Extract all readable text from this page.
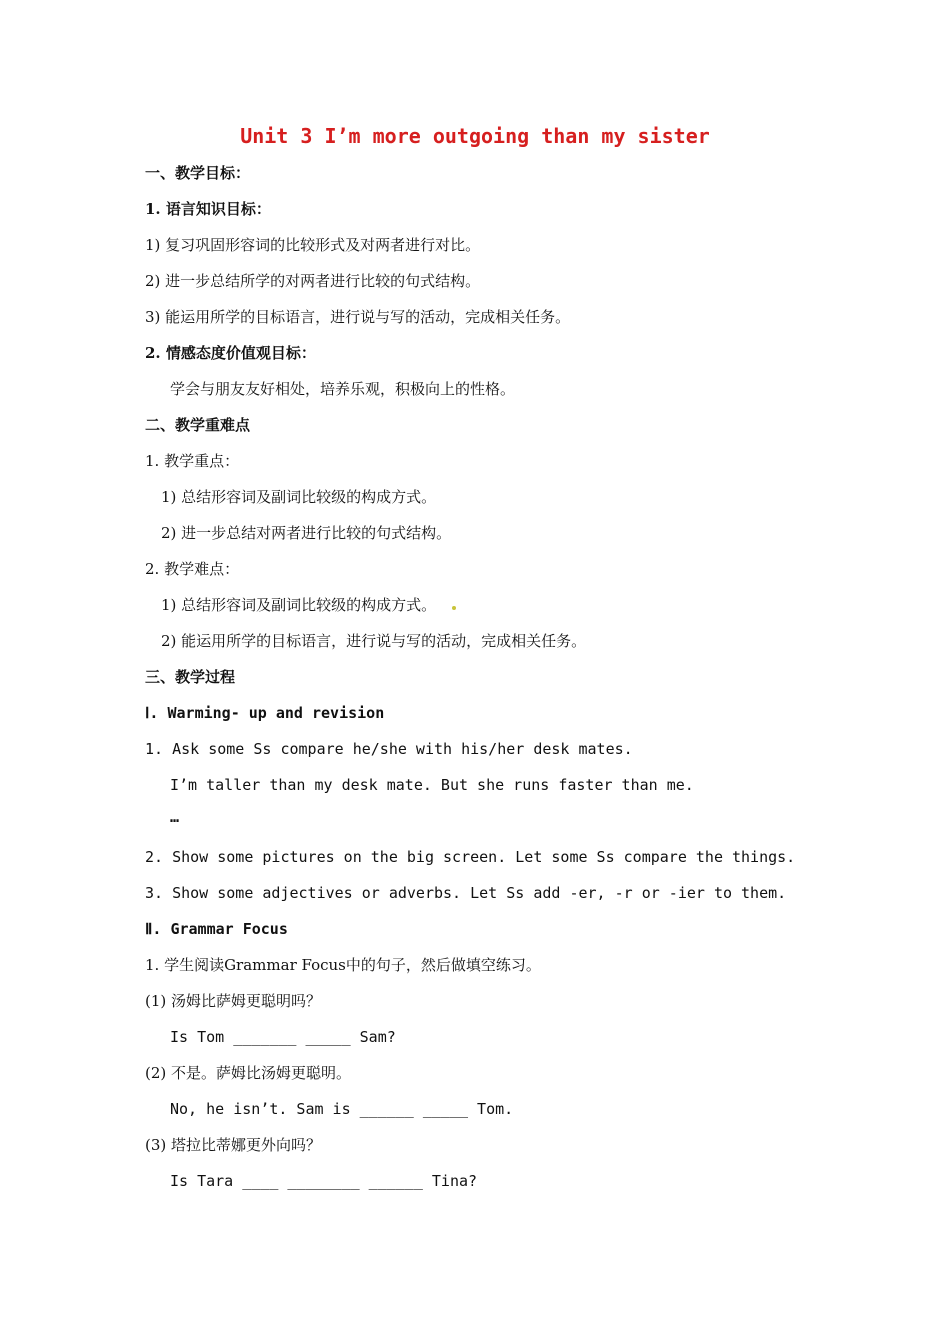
Unit 3 I’m more outgoing than my sister
一、教学目标：
1. 语言知识目标：
1) 复习巩固形容词的比较形式及对两者进行对比。
2) 进一步总结所学的对两者进行比较的句式结构。
3) 能运用所学的目标语言，进行说与写的活动，完成相关任务。
2. 情感态度价值观目标：
学会与朋友友好相处，培养乐观，积极向上的性格。
二、教学重难点
1. 教学重点：
1) 总结形容词及副词比较级的构成方式。
2) 进一步总结对两者进行比较的句式结构。
2. 教学难点：
1) 总结形容词及副词比较级的构成方式。
2) 能运用所学的目标语言，进行说与写的活动，完成相关任务。
三、教学过程
Ⅰ. Warming- up and revision
1. Ask some Ss compare he/she with his/her desk mates.
I’m taller than my desk mate. But she runs faster than me.
…
2. Show some pictures on the big screen. Let some Ss compare the things.
3. Show some adjectives or adverbs. Let Ss add -er, -r or -ier to them.
Ⅱ. Grammar Focus
1. 学生阅读Grammar Focus中的句子，然后做填空练习。
(1) 汤姆比萨姆更聪明吗？
Is Tom _______ _____ Sam?
(2) 不是。萨姆比汤姆更聪明。
No, he isn’t. Sam is ______ _____ Tom.
(3) 塔拉比蒂娜更外向吗？
Is Tara ____ ________ ______ Tina?
